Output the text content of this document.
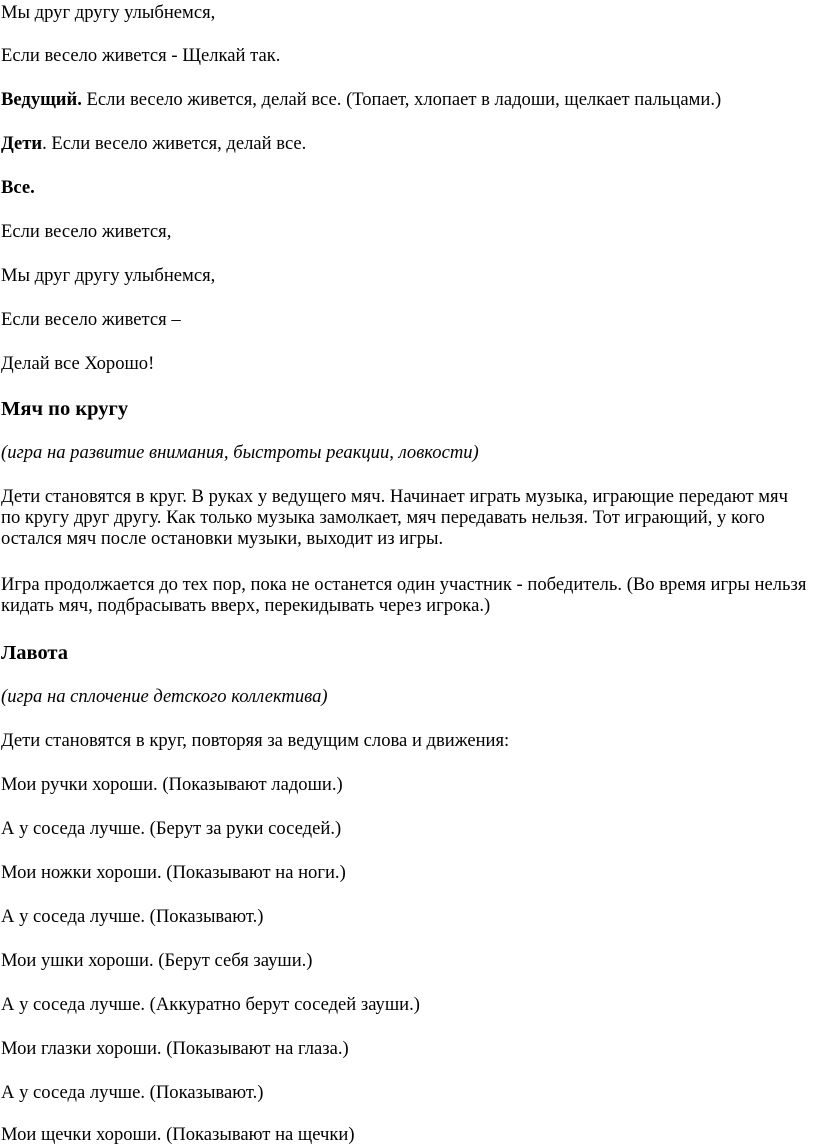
Мы друг другу улыбнемся,
Если весело живется - Щелкай так.
Ведущий. Если весело живется, делай все. (Топает, хлопает в ладоши, щелкает пальцами.)
Дети. Если весело живется, делай все.
Все.
Если весело живется,
Мы друг другу улыбнемся,
Если весело живется –
Делай все Хорошо!
Мяч по кругу
(игра на развитие внимания, быстроты реакции, ловкости)
Дети становятся в круг. В руках у ведущего мяч. Начинает играть музыка, играющие передают мяч по кругу друг другу. Как только музыка замолкает, мяч передавать нельзя. Тот играющий, у кого остался мяч после остановки музыки, выходит из игры.
Игра продолжается до тех пор, пока не останется один участник - победитель. (Во время игры нельзя кидать мяч, подбрасывать вверх, перекидывать через игрока.)
Лавота
(игра на сплочение детского коллектива)
Дети становятся в круг, повторяя за ведущим слова и движения:
Мои ручки хороши. (Показывают ладоши.)
А у соседа лучше. (Берут за руки соседей.)
Мои ножки хороши. (Показывают на ноги.)
А у соседа лучше. (Показывают.)
Мои ушки хороши. (Берут себя зауши.)
А у соседа лучше. (Аккуратно берут соседей зауши.)
Мои глазки хороши. (Показывают на глаза.)
А у соседа лучше. (Показывают.)
Мои щечки хороши. (Показывают на щечки)
